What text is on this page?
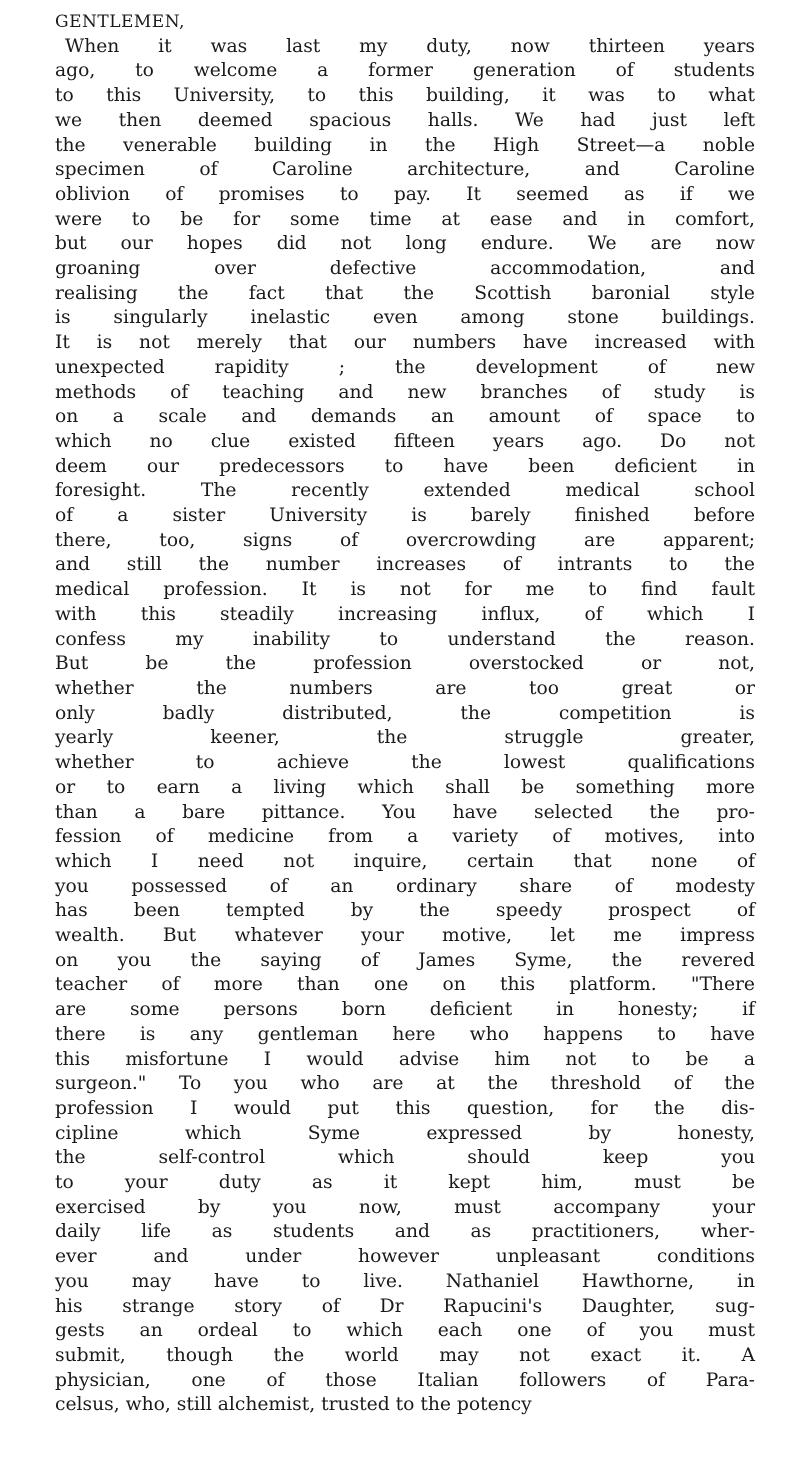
GENTLEMEN,

When it was last my duty, now thirteen years

ago, to welcome a former generation of students

to this University, to this building, it was to what

we then deemed spacious halls. We had just left

the venerable building in the High Street—a noble

specimen of Caroline architecture, and Caroline

oblivion of promises to pay. It seemed as if we

were to be for some time at ease and in comfort,

but our hopes did not long endure. We are now

groaning over defective accommodation, and

realising the fact that the Scottish baronial style

is singularly inelastic even among stone buildings.

It is not merely that our numbers have increased with

unexpected rapidity ; the development of new

methods of teaching and new branches of study is

on a scale and demands an amount of space to

which no clue existed fifteen years ago. Do not

deem our predecessors to have been deficient in

foresight. The recently extended medical school

of a sister University is barely finished before

there, too, signs of overcrowding are apparent;

and still the number increases of intrants to the

medical profession. It is not for me to find fault

with this steadily increasing influx, of which I

confess my inability to understand the reason.

But be the profession overstocked or not,

whether the numbers are too great or

only badly distributed, the competition is

yearly keener, the struggle greater,

whether to achieve the lowest qualifications

or to earn a living which shall be something more

than a bare pittance. You have selected the pro-

fession of medicine from a variety of motives, into

which I need not inquire, certain that none of

you possessed of an ordinary share of modesty

has been tempted by the speedy prospect of

wealth. But whatever your motive, let me impress

on you the saying of James Syme, the revered

teacher of more than one on this platform. "There

are some persons born deficient in honesty; if

there is any gentleman here who happens to have

this misfortune I would advise him not to be a

surgeon." To you who are at the threshold of the

profession I would put this question, for the dis-

cipline which Syme expressed by honesty,

the self-control which should keep you

to your duty as it kept him, must be

exercised by you now, must accompany your

daily life as students and as practitioners, wher-

ever and under however unpleasant conditions

you may have to live. Nathaniel Hawthorne, in

his strange story of Dr Rapucini's Daughter, sug-

gests an ordeal to which each one of you must

submit, though the world may not exact it. A

physician, one of those Italian followers of Para-

celsus, who, still alchemist, trusted to the potency
